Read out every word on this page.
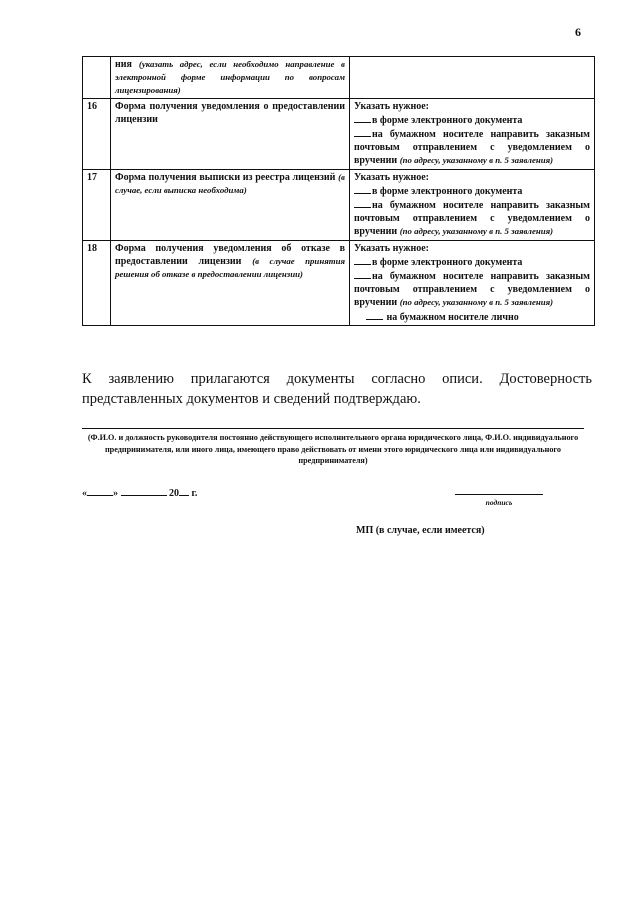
6
	ния (указать адрес, если необходимо направление в электронной форме информации по вопросам лицензирования)	
16	Форма получения уведомления о предоставлении лицензии	Указать нужное:
в форме электронного документа
на бумажном носителе направить заказным почтовым отправлением с уведомлением о вручении (по адресу, указанному в п. 5 заявления)

17	Форма получения выписки из реестра лицензий (в случае, если выписка необходима)	Указать нужное:
в форме электронного документа
на бумажном носителе направить заказным почтовым отправлением с уведомлением о вручении (по адресу, указанному в п. 5 заявления)

18	Форма получения уведомления об отказе в предоставлении лицензии (в случае принятия решения об отказе в предоставлении лицензии)	Указать нужное:
в форме электронного документа
на бумажном носителе направить заказным почтовым отправлением с уведомлением о вручении (по адресу, указанному в п. 5 заявления)
на бумажном носителе лично
К заявлению прилагаются документы согласно описи. Достоверность представленных документов и сведений подтверждаю.
(Ф.И.О. и должность руководителя постоянно действующего исполнительного органа юридического лица, Ф.И.О. индивидуального предпринимателя, или иного лица, имеющего право действовать от имени этого юридического лица или индивидуального предпринимателя)
«	»	20 г.
подпись
МП (в случае, если имеется)
